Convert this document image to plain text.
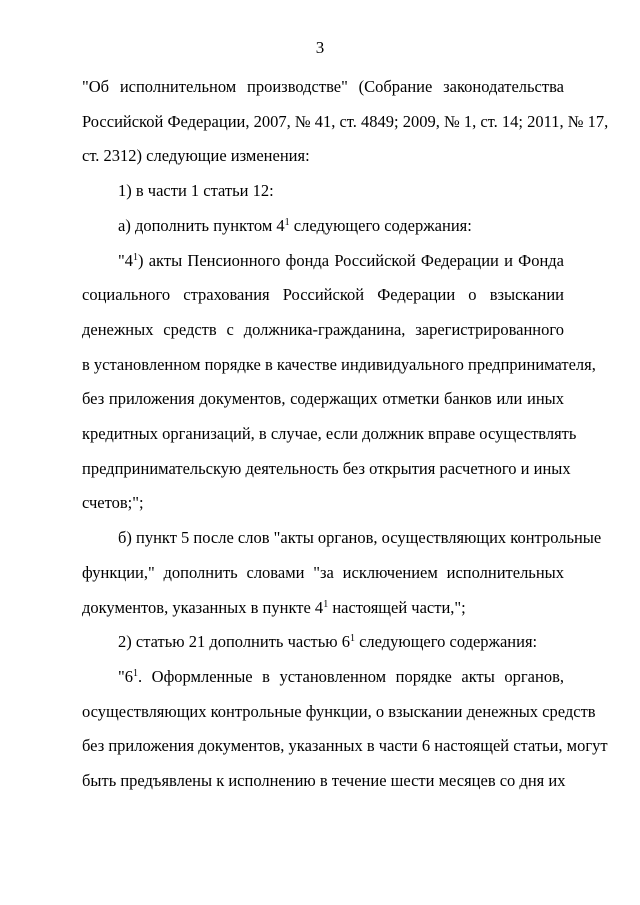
3
"Об исполнительном производстве" (Собрание законодательства
Российской Федерации, 2007, № 41, ст. 4849; 2009, № 1, ст. 14; 2011, № 17,
ст. 2312) следующие изменения:
1) в части 1 статьи 12:
а) дополнить пунктом $4^1$ следующего содержания:
"$4^1$) акты Пенсионного фонда Российской Федерации и Фонда
социального страхования Российской Федерации о взыскании
денежных средств с должника-гражданина, зарегистрированного
в установленном порядке в качестве индивидуального предпринимателя,
без приложения документов, содержащих отметки банков или иных
кредитных организаций, в случае, если должник вправе осуществлять
предпринимательскую деятельность без открытия расчетного и иных
счетов;";
б) пункт 5 после слов "акты органов, осуществляющих контрольные
функции," дополнить словами "за исключением исполнительных
документов, указанных в пункте $4^1$ настоящей части,";
2) статью 21 дополнить частью $6^1$ следующего содержания:
"$6^1$. Оформленные в установленном порядке акты органов,
осуществляющих контрольные функции, о взыскании денежных средств
без приложения документов, указанных в части 6 настоящей статьи, могут
быть предъявлены к исполнению в течение шести месяцев со дня их
